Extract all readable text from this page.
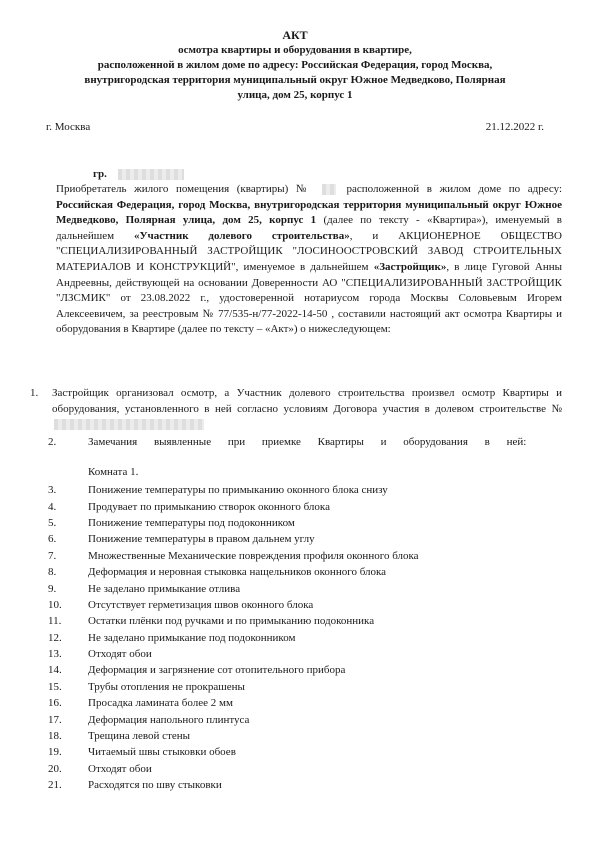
АКТ
осмотра квартиры и оборудования в квартире,
расположенной в жилом доме по адресу: Российская Федерация, город Москва,
внутригородская территория муниципальный округ Южное Медведково, Полярная
улица, дом 25, корпус 1
г. Москва	21.12.2022 г.
гр.
Приобретатель жилого помещения (квартиры) №	расположенной в жилом доме по адресу: Российская Федерация, город Москва, внутригородская территория муниципальный округ Южное Медведково, Полярная улица, дом 25, корпус 1 (далее по тексту - «Квартира»), именуемый в дальнейшем «Участник долевого строительства», и АКЦИОНЕРНОЕ ОБЩЕСТВО "СПЕЦИАЛИЗИРОВАННЫЙ ЗАСТРОЙЩИК "ЛОСИНООСТРОВСКИЙ ЗАВОД СТРОИТЕЛЬНЫХ МАТЕРИАЛОВ И КОНСТРУКЦИЙ", именуемое в дальнейшем «Застройщик», в лице Гуговой Анны Андреевны, действующей на основании Доверенности АО "СПЕЦИАЛИЗИРОВАННЫЙ ЗАСТРОЙЩИК "ЛЗСМИК" от 23.08.2022 г., удостоверенной нотариусом города Москвы Соловьевым Игорем Алексеевичем, за реестровым № 77/535-н/77-2022-14-50 , составили настоящий акт осмотра Квартиры и оборудования в Квартире (далее по тексту – «Акт») о нижеследующем:
1.	Застройщик организовал осмотр, а Участник долевого строительства произвел осмотр Квартиры и оборудования, установленного в ней согласно условиям Договора участия в долевом строительстве №
2.	Замечания выявленные при приемке Квартиры и оборудования в ней:
Комната 1.
3.	Понижение температуры по примыканию оконного блока снизу
4.	Продувает по примыканию створок оконного блока
5.	Понижение температуры под подоконником
6.	Понижение температуры в правом дальнем углу
7.	Множественные Механические повреждения профиля оконного блока
8.	Деформация и неровная стыковка нащельников оконного блока
9.	Не заделано примыкание отлива
10.	Отсутствует герметизация швов оконного блока
11.	Остатки плёнки под ручками и по примыканию подоконника
12.	Не заделано примыкание под подоконником
13.	Отходят обои
14.	Деформация и загрязнение сот отопительного прибора
15.	Трубы отопления не прокрашены
16.	Просадка ламината более 2 мм
17.	Деформация напольного плинтуса
18.	Трещина левой стены
19.	Читаемый швы стыковки обоев
20.	Отходят обои
21.	Расходятся по шву стыковки
